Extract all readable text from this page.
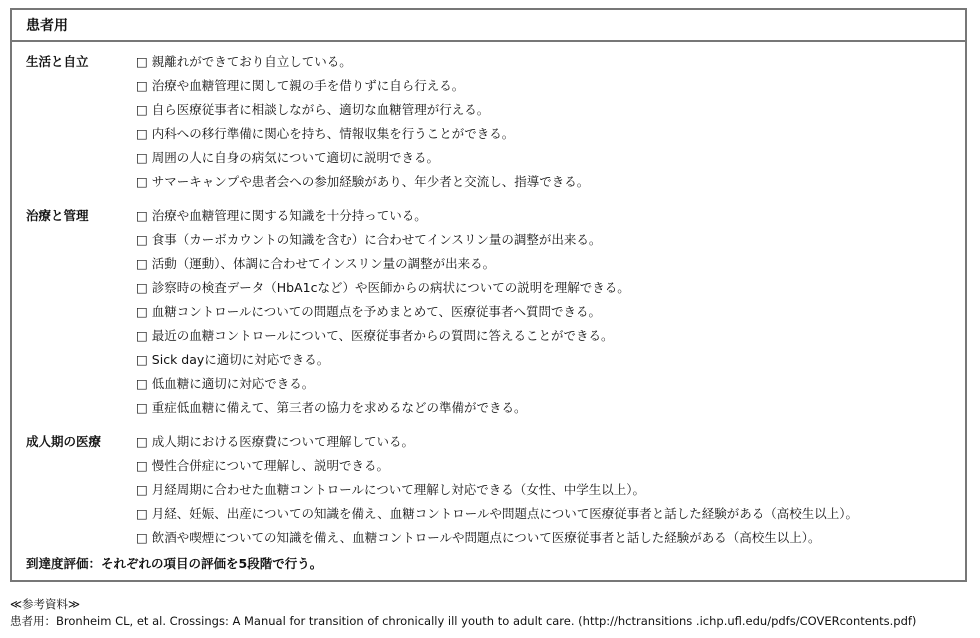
患者用
生活と自立	□ 親離れができており自立している。
□ 治療や血糖管理に関して親の手を借りずに自ら行える。
□ 自ら医療従事者に相談しながら、適切な血糖管理が行える。
□ 内科への移行準備に関心を持ち、情報収集を行うことができる。
□ 周囲の人に自身の病気について適切に説明できる。
□ サマーキャンプや患者会への参加経験があり、年少者と交流し、指導できる。
治療と管理	□ 治療や血糖管理に関する知識を十分持っている。
□ 食事（カーボカウントの知識を含む）に合わせてインスリン量の調整が出来る。
□ 活動（運動）、体調に合わせてインスリン量の調整が出来る。
□ 診察時の検査データ（HbA1cなど）や医師からの病状についての説明を理解できる。
□ 血糖コントロールについての問題点を予めまとめて、医療従事者へ質問できる。
□ 最近の血糖コントロールについて、医療従事者からの質問に答えることができる。
□ Sick dayに適切に対応できる。
□ 低血糖に適切に対応できる。
□ 重症低血糖に備えて、第三者の協力を求めるなどの準備ができる。
成人期の医療	□ 成人期における医療費について理解している。
□ 慢性合併症について理解し、説明できる。
□ 月経周期に合わせた血糖コントロールについて理解し対応できる（女性、中学生以上）。
□ 月経、妊娠、出産についての知識を備え、血糖コントロールや問題点について医療従事者と話した経験がある（高校生以上）。
□ 飲酒や喫煙についての知識を備え、血糖コントロールや問題点について医療従事者と話した経験がある（高校生以上）。
到達度評価：それぞれの項目の評価を5段階で行う。
≪参考資料≫
患者用：Bronheim CL, et al. Crossings: A Manual for transition of chronically ill youth to adult care. (http://hctransitions .ichp.ufl.edu/pdfs/COVERcontents.pdf)
